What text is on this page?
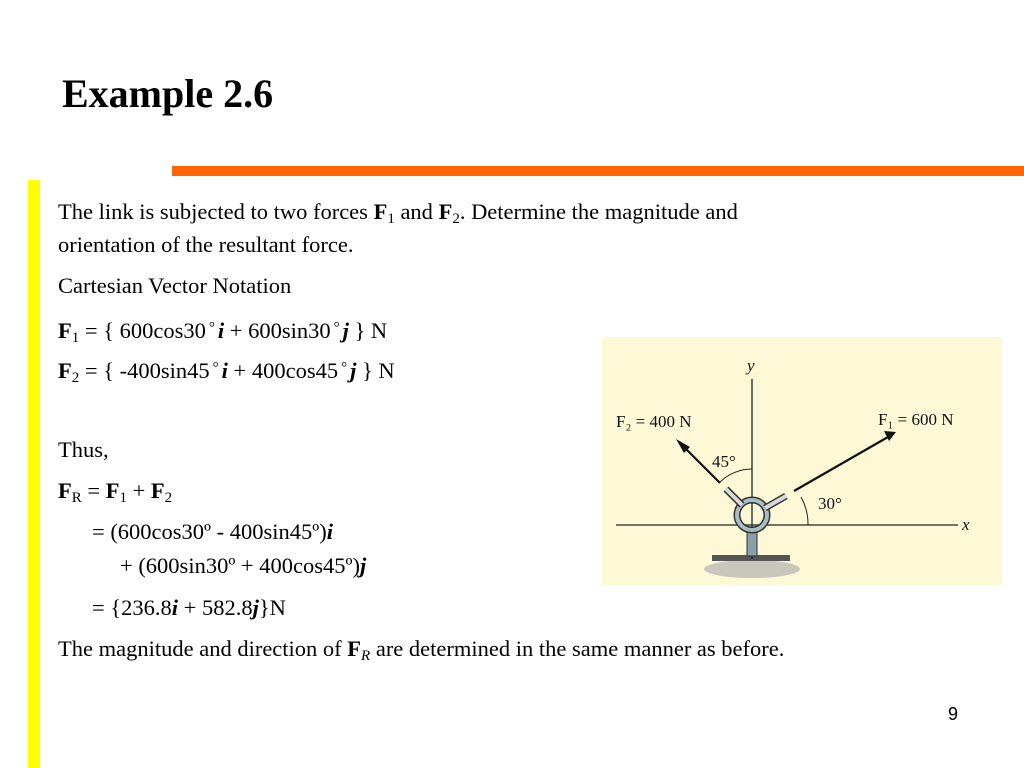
Example 2.6
The link is subjected to two forces $F_1$ and $F_2$. Determine the magnitude and
orientation of the resultant force.
Cartesian Vector Notation
$F_1$ = { 600cos30 ° i + 600sin30 ° j } N
$F_2$ = { -400sin45 ° i + 400cos45 ° j } N
Thus,
$F_R = F_1 + F_2$
= (600cos30º - 400sin45º)i
+ (600sin30º + 400cos45º)j
= {236.8i + 582.8j}N
The magnitude and direction of $F_R$ are determined in the same manner as before.
x
y
F₂ = 400 N	F₁ = 600 N
45°
30°
9
